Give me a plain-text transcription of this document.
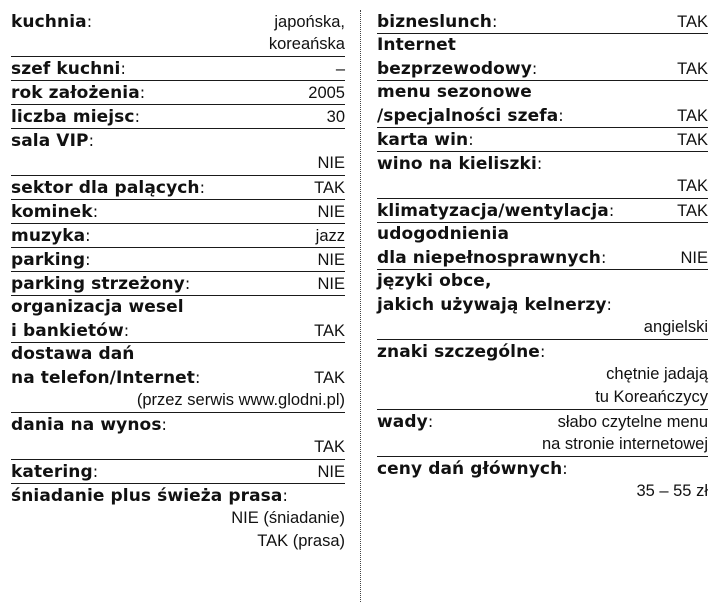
kuchnia:	japońska,
koreańska
szef kuchni:	–
rok założenia:	2005
liczba miejsc:	30
sala VIP:
NIE
sektor dla palących:	TAK
kominek:	NIE
muzyka:	jazz
parking:	NIE
parking strzeżony:	NIE
organizacja wesel
i bankietów:	TAK
dostawa dań
na telefon/Internet:	TAK
(przez serwis www.glodni.pl)
dania na wynos:
TAK
katering:	NIE
śniadanie plus świeża prasa:
NIE (śniadanie)
TAK (prasa)
bizneslunch:	TAK
Internet
bezprzewodowy:	TAK
menu sezonowe
/specjalności szefa:	TAK
karta win:	TAK
wino na kieliszki:
TAK
klimatyzacja/wentylacja:	TAK
udogodnienia
dla niepełnosprawnych:	NIE
języki obce,
jakich używają kelnerzy:
angielski
znaki szczególne:
chętnie jadają
tu Koreańczycy
wady:	słabo czytelne menu
na stronie internetowej
ceny dań głównych:
35 – 55 zł
